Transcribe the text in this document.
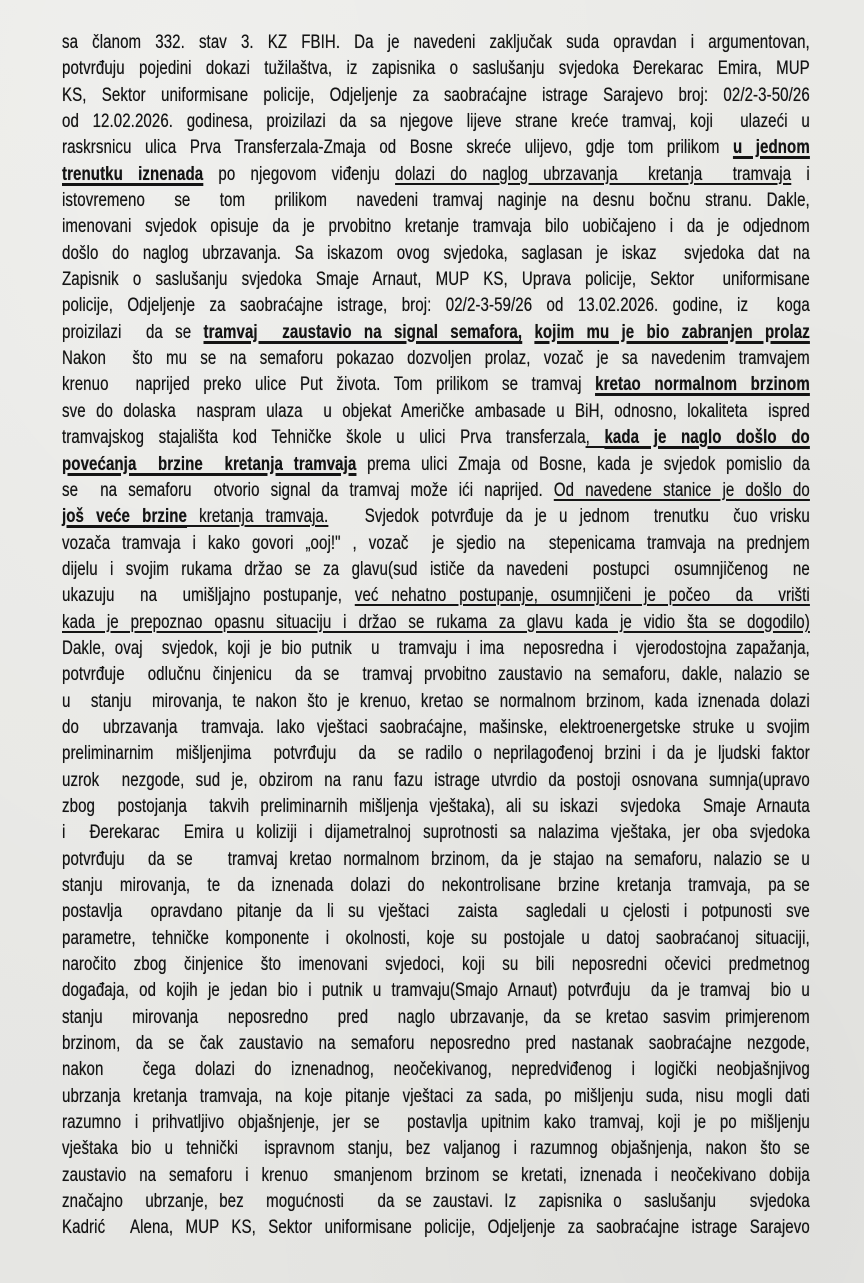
sa članom 332. stav 3. KZ FBIH. Da je navedeni zaključak suda opravdan i argumentovan,
potvrđuju pojedini dokazi tužilaštva, iz zapisnika o saslušanju svjedoka Đerekarac Emira, MUP
KS, Sektor uniformisane policije, Odjeljenje za saobraćajne istrage Sarajevo broj: 02/2-3-50/26
od 12.02.2026. godinesa, proizilazi da sa njegove lijeve strane kreće tramvaj, koji  ulazeći u
raskrsnicu ulica Prva Transferzala-Zmaja od Bosne skreće ulijevo, gdje tom prilikom u jednom
trenutku iznenada po njegovom viđenju dolazi do naglog ubrzavanja  kretanja  tramvaja i
istovremeno  se  tom  prilikom  navedeni tramvaj naginje na desnu bočnu stranu. Dakle,
imenovani svjedok opisuje da je prvobitno kretanje tramvaja bilo uobičajeno i da je odjednom
došlo do naglog ubrzavanja. Sa iskazom ovog svjedoka, saglasan je iskaz  svjedoka dat na
Zapisnik o saslušanju svjedoka Smaje Arnaut, MUP KS, Uprava policije, Sektor  uniformisane
policije, Odjeljenje za saobraćajne istrage, broj: 02/2-3-59/26 od 13.02.2026. godine, iz  koga
proizilazi  da se tramvaj  zaustavio na signal semafora, kojim mu je bio zabranjen prolaz
Nakon  što mu se na semaforu pokazao dozvoljen prolaz, vozač je sa navedenim tramvajem
krenuo  naprijed preko ulice Put života. Tom prilikom se tramvaj kretao normalnom brzinom
sve do dolaska  naspram ulaza  u objekat Američke ambasade u BiH, odnosno, lokaliteta  ispred
tramvajskog stajališta kod Tehničke škole u ulici Prva transferzala, kada je naglo došlo do
povećanja  brzine  kretanja tramvaja prema ulici Zmaja od Bosne, kada je svjedok pomislio da
se  na semaforu  otvorio signal da tramvaj može ići naprijed. Od navedene stanice je došlo do
još veće brzine kretanja tramvaja.   Svjedok potvrđuje da je u jednom  trenutku  čuo vrisku
vozača tramvaja i kako govori „ooj!" , vozač  je sjedio na  stepenicama tramvaja na prednjem
dijelu i svojim rukama držao se za glavu(sud ističe da navedeni  postupci  osumnjičenog  ne
ukazuju  na  umišljajno postupanje, već nehatno postupanje, osumnjičeni je počeo  da  vrišti
kada je prepoznao opasnu situaciju i držao se rukama za glavu kada je vidio šta se dogodilo)
Dakle, ovaj  svjedok, koji je bio putnik  u  tramvaju i ima  neposredna i  vjerodostojna zapažanja,
potvrđuje  odlučnu činjenicu  da se  tramvaj prvobitno zaustavio na semaforu, dakle, nalazio se
u  stanju  mirovanja, te nakon što je krenuo, kretao se normalnom brzinom, kada iznenada dolazi
do  ubrzavanja  tramvaja. Iako vještaci saobraćajne, mašinske, elektroenergetske struke u svojim
preliminarnim  mišljenjima  potvrđuju  da  se radilo o neprilagođenoj brzini i da je ljudski faktor
uzrok  nezgode, sud je, obzirom na ranu fazu istrage utvrdio da postoji osnovana sumnja(upravo
zbog  postojanja  takvih preliminarnih mišljenja vještaka), ali su iskazi  svjedoka  Smaje Arnauta
i  Đerekarac  Emira u koliziji i dijametralnoj suprotnosti sa nalazima vještaka, jer oba svjedoka
potvrđuju  da se   tramvaj kretao normalnom brzinom, da je stajao na semaforu, nalazio se u
stanju  mirovanja,  te  da  iznenada  dolazi  do  nekontrolisane  brzine  kretanja  tramvaja,  pa se
postavlja  opravdano pitanje da li su vještaci  zaista  sagledali u cjelosti i potpunosti sve
parametre, tehničke komponente i okolnosti, koje su postojale u datoj saobraćanoj situaciji,
naročito zbog činjenice što imenovani svjedoci, koji su bili neposredni očevici predmetnog
događaja, od kojih je jedan bio i putnik u tramvaju(Smajo Arnaut) potvrđuju  da je tramvaj  bio u
stanju  mirovanja  neposredno  pred  naglo ubrzavanje, da se kretao sasvim primjerenom
brzinom, da se čak zaustavio na semaforu neposredno pred nastanak saobraćajne nezgode,
nakon  čega dolazi do iznenadnog, neočekivanog, nepredviđenog i logički neobjašnjivog
ubrzanja kretanja tramvaja, na koje pitanje vještaci za sada, po mišljenju suda, nisu mogli dati
razumno i prihvatljivo objašnjenje, jer se  postavlja upitnim kako tramvaj, koji je po mišljenju
vještaka bio u tehnički  ispravnom stanju, bez valjanog i razumnog objašnjenja, nakon što se
zaustavio na semaforu i krenuo  smanjenom brzinom se kretati, iznenada i neočekivano dobija
značajno  ubrzanje, bez  mogućnosti   da se zaustavi. Iz  zapisnika o  saslušanju   svjedoka
Kadrić  Alena, MUP KS, Sektor uniformisane policije, Odjeljenje za saobraćajne istrage Sarajevo
